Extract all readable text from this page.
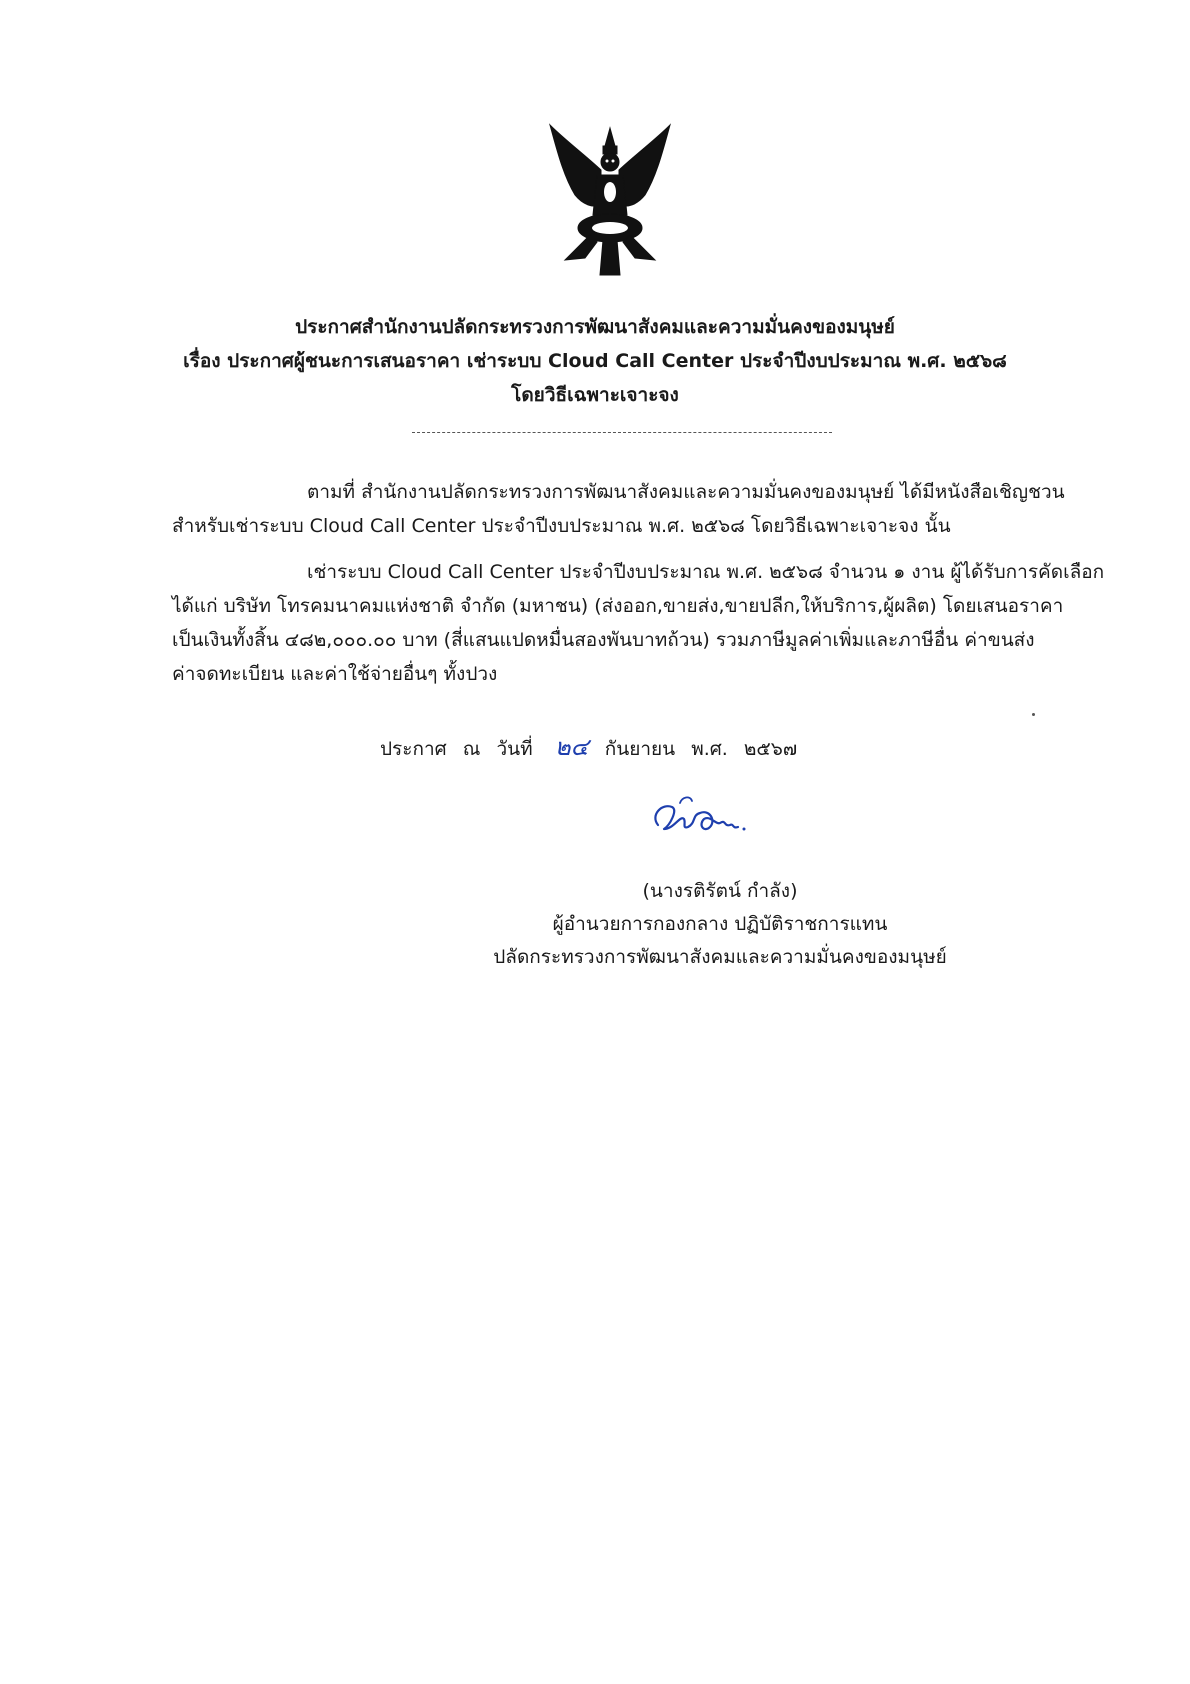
ประกาศสำนักงานปลัดกระทรวงการพัฒนาสังคมและความมั่นคงของมนุษย์
เรื่อง ประกาศผู้ชนะการเสนอราคา เช่าระบบ Cloud Call Center ประจำปีงบประมาณ พ.ศ. ๒๕๖๘
โดยวิธีเฉพาะเจาะจง
ตามที่ สำนักงานปลัดกระทรวงการพัฒนาสังคมและความมั่นคงของมนุษย์ ได้มีหนังสือเชิญชวน
สำหรับเช่าระบบ Cloud Call Center ประจำปีงบประมาณ พ.ศ. ๒๕๖๘ โดยวิธีเฉพาะเจาะจง นั้น
เช่าระบบ Cloud Call Center ประจำปีงบประมาณ พ.ศ. ๒๕๖๘ จำนวน ๑ งาน ผู้ได้รับการคัดเลือก
ได้แก่ บริษัท โทรคมนาคมแห่งชาติ จำกัด (มหาชน) (ส่งออก,ขายส่ง,ขายปลีก,ให้บริการ,ผู้ผลิต) โดยเสนอราคา
เป็นเงินทั้งสิ้น ๔๘๒,๐๐๐.๐๐ บาท (สี่แสนแปดหมื่นสองพันบาทถ้วน) รวมภาษีมูลค่าเพิ่มและภาษีอื่น ค่าขนส่ง
ค่าจดทะเบียน และค่าใช้จ่ายอื่นๆ ทั้งปวง
ประกาศ ณ วันที่ ๒๔ กันยายน พ.ศ. ๒๕๖๗
(นางรติรัตน์ กำลัง)
ผู้อำนวยการกองกลาง ปฏิบัติราชการแทน
ปลัดกระทรวงการพัฒนาสังคมและความมั่นคงของมนุษย์
